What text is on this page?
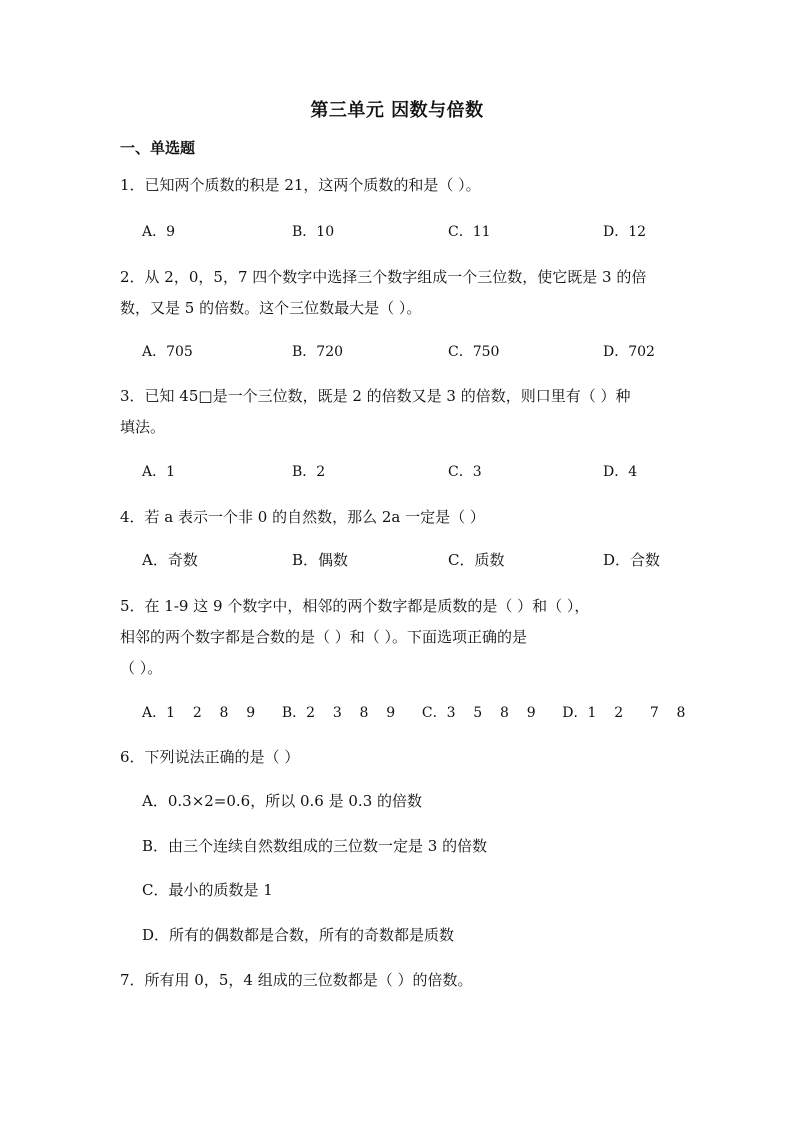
第三单元 因数与倍数
一、单选题
1．已知两个质数的积是 21，这两个质数的和是（ ）。
A．9	B．10	C．11	D．12
2．从 2，0，5，7 四个数字中选择三个数字组成一个三位数，使它既是 3 的倍
数，又是 5 的倍数。这个三位数最大是（ ）。
A．705	B．720	C．750	D．702
3．已知 45□是一个三位数，既是 2 的倍数又是 3 的倍数，则口里有（ ）种
填法。
A．1	B．2	C．3	D．4
4．若 a 表示一个非 0 的自然数，那么 2a 一定是（ ）
A．奇数	B．偶数	C．质数	D．合数
5．在 1-9 这 9 个数字中，相邻的两个数字都是质数的是（ ）和（ ），
相邻的两个数字都是合数的是（ ）和（ ）。下面选项正确的是
（ ）。
A．1    2    8    9      B．2    3    8    9      C．3    5    8    9      D．1    2      7    8
6．下列说法正确的是（ ）
A．0.3×2=0.6，所以 0.6 是 0.3 的倍数
B．由三个连续自然数组成的三位数一定是 3 的倍数
C．最小的质数是 1
D．所有的偶数都是合数，所有的奇数都是质数
7．所有用 0，5，4 组成的三位数都是（ ）的倍数。
